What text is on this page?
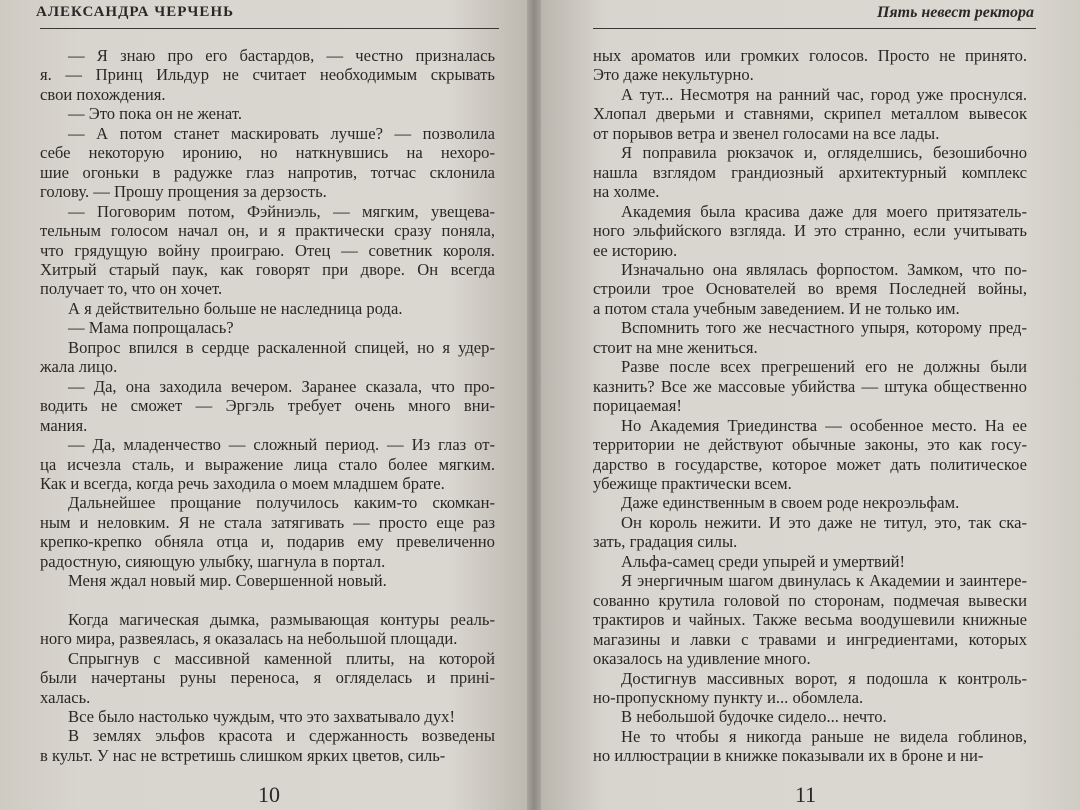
АЛЕКСАНДРА ЧЕРЧЕНЬ

— Я знаю про его бастардов, — честно призналась

я. — Принц Ильдур не считает необходимым скрывать

свои похождения.

— Это пока он не женат.

— А потом станет маскировать лучше? — позволила

себе некоторую иронию, но наткнувшись на нехоро-

шие огоньки в радужке глаз напротив, тотчас склонила

голову. — Прошу прощения за дерзость.

— Поговорим потом, Фэйниэль, — мягким, увещева-

тельным голосом начал он, и я практически сразу поняла,

что грядущую войну проиграю. Отец — советник короля.

Хитрый старый паук, как говорят при дворе. Он всегда

получает то, что он хочет.

А я действительно больше не наследница рода.

— Мама попрощалась?

Вопрос впился в сердце раскаленной спицей, но я удер-

жала лицо.

— Да, она заходила вечером. Заранее сказала, что про-

водить не сможет — Эргэль требует очень много вни-

мания.

— Да, младенчество — сложный период. — Из глаз от-

ца исчезла сталь, и выражение лица стало более мягким.

Как и всегда, когда речь заходила о моем младшем брате.

Дальнейшее прощание получилось каким-то скомкан-

ным и неловким. Я не стала затягивать — просто еще раз

крепко-крепко обняла отца и, подарив ему превеличенно

радостную, сияющую улыбку, шагнула в портал.

Меня ждал новый мир. Совершенной новый.

Когда магическая дымка, размывающая контуры реаль-

ного мира, развеялась, я оказалась на небольшой площади.

Спрыгнув с массивной каменной плиты, на которой

были начертаны руны переноса, я огляделась и прині-

халась.

Все было настолько чуждым, что это захватывало дух!

В землях эльфов красота и сдержанность возведены

в культ. У нас не встретишь слишком ярких цветов, силь-

10
Пять невест ректора

ных ароматов или громких голосов. Просто не принято.

Это даже некультурно.

А тут... Несмотря на ранний час, город уже проснулся.

Хлопал дверьми и ставнями, скрипел металлом вывесок

от порывов ветра и звенел голосами на все лады.

Я поправила рюкзачок и, огляделшись, безошибочно

нашла взглядом грандиозный архитектурный комплекс

на холме.

Академия была красива даже для моего притязатель-

ного эльфийского взгляда. И это странно, если учитывать

ее историю.

Изначально она являлась форпостом. Замком, что по-

строили трое Основателей во время Последней войны,

а потом стала учебным заведением. И не только им.

Вспомнить того же несчастного упыря, которому пред-

стоит на мне жениться.

Разве после всех прегрешений его не должны были

казнить? Все же массовые убийства — штука общественно

порицаемая!

Но Академия Триединства — особенное место. На ее

территории не действуют обычные законы, это как госу-

дарство в государстве, которое может дать политическое

убежище практически всем.

Даже единственным в своем роде некроэльфам.

Он король нежити. И это даже не титул, это, так ска-

зать, градация силы.

Альфа-самец среди упырей и умертвий!

Я энергичным шагом двинулась к Академии и заинтере-

сованно крутила головой по сторонам, подмечая вывески

трактиров и чайных. Также весьма воодушевили книжные

магазины и лавки с травами и ингредиентами, которых

оказалось на удивление много.

Достигнув массивных ворот, я подошла к контроль-

но-пропускному пункту и... обомлела.

В небольшой будочке сидело... нечто.

Не то чтобы я никогда раньше не видела гоблинов,

но иллюстрации в книжке показывали их в броне и ни-

11
